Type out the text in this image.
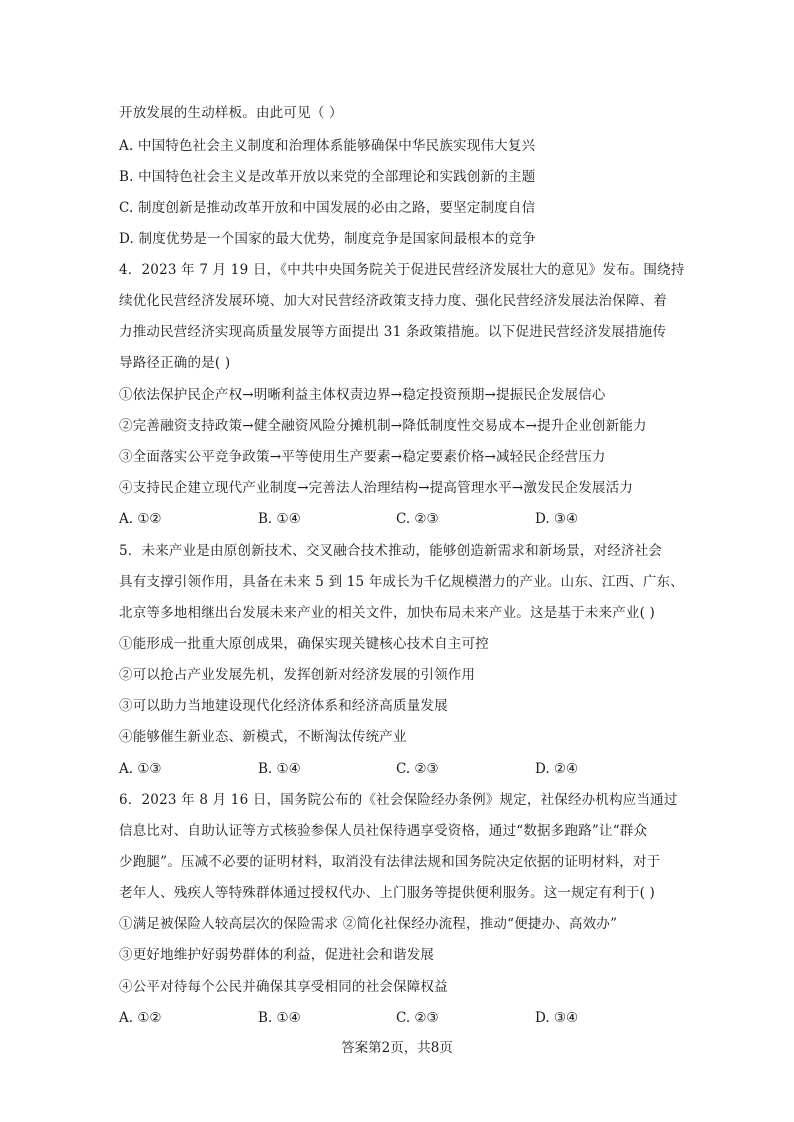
开放发展的生动样板。由此可见（ ）
A. 中国特色社会主义制度和治理体系能够确保中华民族实现伟大复兴
B. 中国特色社会主义是改革开放以来党的全部理论和实践创新的主题
C. 制度创新是推动改革开放和中国发展的必由之路，要坚定制度自信
D. 制度优势是一个国家的最大优势，制度竞争是国家间最根本的竞争
4．2023 年 7 月 19 日，《中共中央国务院关于促进民营经济发展壮大的意见》发布。围绕持
续优化民营经济发展环境、加大对民营经济政策支持力度、强化民营经济发展法治保障、着
力推动民营经济实现高质量发展等方面提出 31 条政策措施。以下促进民营经济发展措施传
导路径正确的是( )
①依法保护民企产权→明晰利益主体权责边界→稳定投资预期→提振民企发展信心
②完善融资支持政策→健全融资风险分摊机制→降低制度性交易成本→提升企业创新能力
③全面落实公平竞争政策→平等使用生产要素→稳定要素价格→减轻民企经营压力
④支持民企建立现代产业制度→完善法人治理结构→提高管理水平→激发民企发展活力
A. ①②	B. ①④	C. ②③	D. ③④
5．未来产业是由原创新技术、交叉融合技术推动，能够创造新需求和新场景，对经济社会
具有支撑引领作用，具备在未来 5 到 15 年成长为千亿规模潜力的产业。山东、江西、广东、
北京等多地相继出台发展未来产业的相关文件，加快布局未来产业。这是基于未来产业( )
①能形成一批重大原创成果，确保实现关键核心技术自主可控
②可以抢占产业发展先机，发挥创新对经济发展的引领作用
③可以助力当地建设现代化经济体系和经济高质量发展
④能够催生新业态、新模式，不断淘汰传统产业
A. ①③	B. ①④	C. ②③	D. ②④
6．2023 年 8 月 16 日，国务院公布的《社会保险经办条例》规定，社保经办机构应当通过
信息比对、自助认证等方式核验参保人员社保待遇享受资格，通过“数据多跑路”让“群众
少跑腿”。压减不必要的证明材料，取消没有法律法规和国务院决定依据的证明材料，对于
老年人、残疾人等特殊群体通过授权代办、上门服务等提供便利服务。这一规定有利于( )
①满足被保险人较高层次的保险需求 ②简化社保经办流程，推动“便捷办、高效办”
③更好地维护好弱势群体的利益，促进社会和谐发展
④公平对待每个公民并确保其享受相同的社会保障权益
A. ①②	B. ①④	C. ②③	D. ③④
答案第2页，共8页
